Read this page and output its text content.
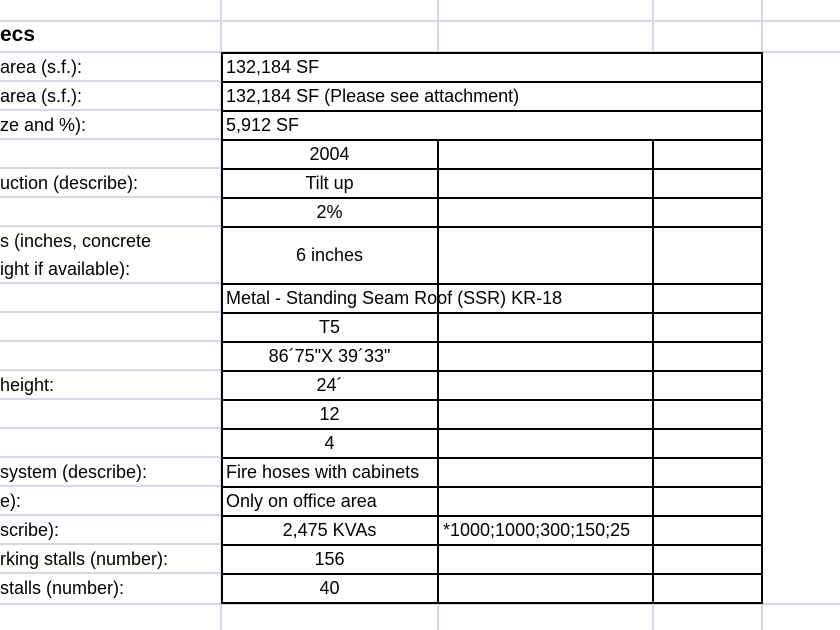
ecs
area (s.f.):
area (s.f.):
ze and %):
uction (describe):
s (inches, concrete
ight if available):
height:
system (describe):
e):
scribe):
rking stalls (number):
stalls (number):
132,184 SF
132,184 SF (Please see attachment)
5,912 SF
Metal - Standing Seam Roof (SSR) KR-18
Fire hoses with cabinets
Only on office area
2004
Tilt up
2%
6 inches
T5
86´75"X 39´33"
24´
12
4
2,475 KVAs
156
40
*1000;1000;300;150;25
